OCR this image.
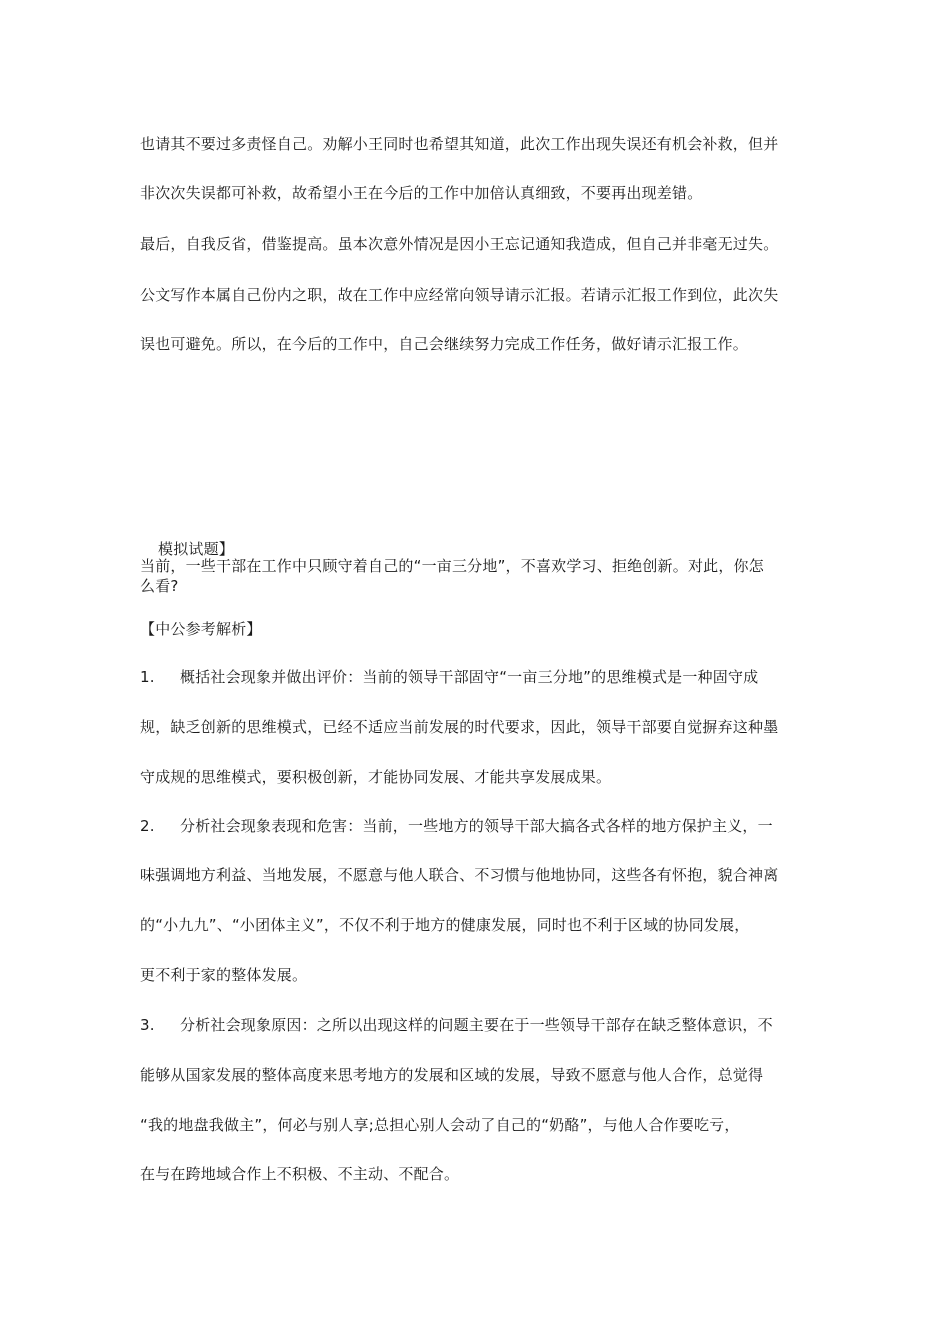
也请其不要过多责怪自己。劝解小王同时也希望其知道，此次工作出现失误还有机会补救，但并
非次次失误都可补救，故希望小王在今后的工作中加倍认真细致，不要再出现差错。
最后，自我反省，借鉴提高。虽本次意外情况是因小王忘记通知我造成，但自己并非毫无过失。
公文写作本属自己份内之职，故在工作中应经常向领导请示汇报。若请示汇报工作到位，此次失
误也可避免。所以，在今后的工作中，自己会继续努力完成工作任务，做好请示汇报工作。
模拟试题】
当前，一些干部在工作中只顾守着自己的“一亩三分地”，不喜欢学习、拒绝创新。对此，你怎
么看?
【中公参考解析】
1. 概括社会现象并做出评价：当前的领导干部固守“一亩三分地”的思维模式是一种固守成
规，缺乏创新的思维模式，已经不适应当前发展的时代要求，因此，领导干部要自觉摒弃这种墨
守成规的思维模式，要积极创新，才能协同发展、才能共享发展成果。
2. 分析社会现象表现和危害：当前，一些地方的领导干部大搞各式各样的地方保护主义，一
味强调地方利益、当地发展，不愿意与他人联合、不习惯与他地协同，这些各有怀抱，貌合神离
的“小九九”、“小团体主义”，不仅不利于地方的健康发展，同时也不利于区域的协同发展，
更不利于家的整体发展。
3. 分析社会现象原因：之所以出现这样的问题主要在于一些领导干部存在缺乏整体意识，不
能够从国家发展的整体高度来思考地方的发展和区域的发展，导致不愿意与他人合作，总觉得
“我的地盘我做主”，何必与别人享;总担心别人会动了自己的“奶酪”，与他人合作要吃亏，
在与在跨地域合作上不积极、不主动、不配合。
